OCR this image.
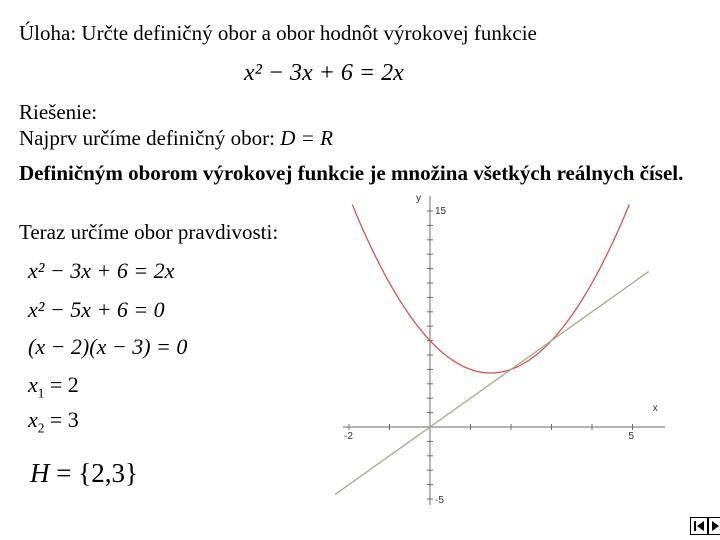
Úloha: Určte definičný obor a obor hodnôt výrokovej funkcie
x² − 3x + 6 = 2x
Riešenie:
Najprv určíme definičný obor: D = R
Definičným oborom výrokovej funkcie je množina všetkých reálnych čísel.
Teraz určíme obor pravdivosti:
x² − 3x + 6 = 2x
x² − 5x + 6 = 0
(x − 2)(x − 3) = 0
$x_1 = 2$
$x_2 = 3$
H = {2,3}
-2	5
15
-5
x
y
